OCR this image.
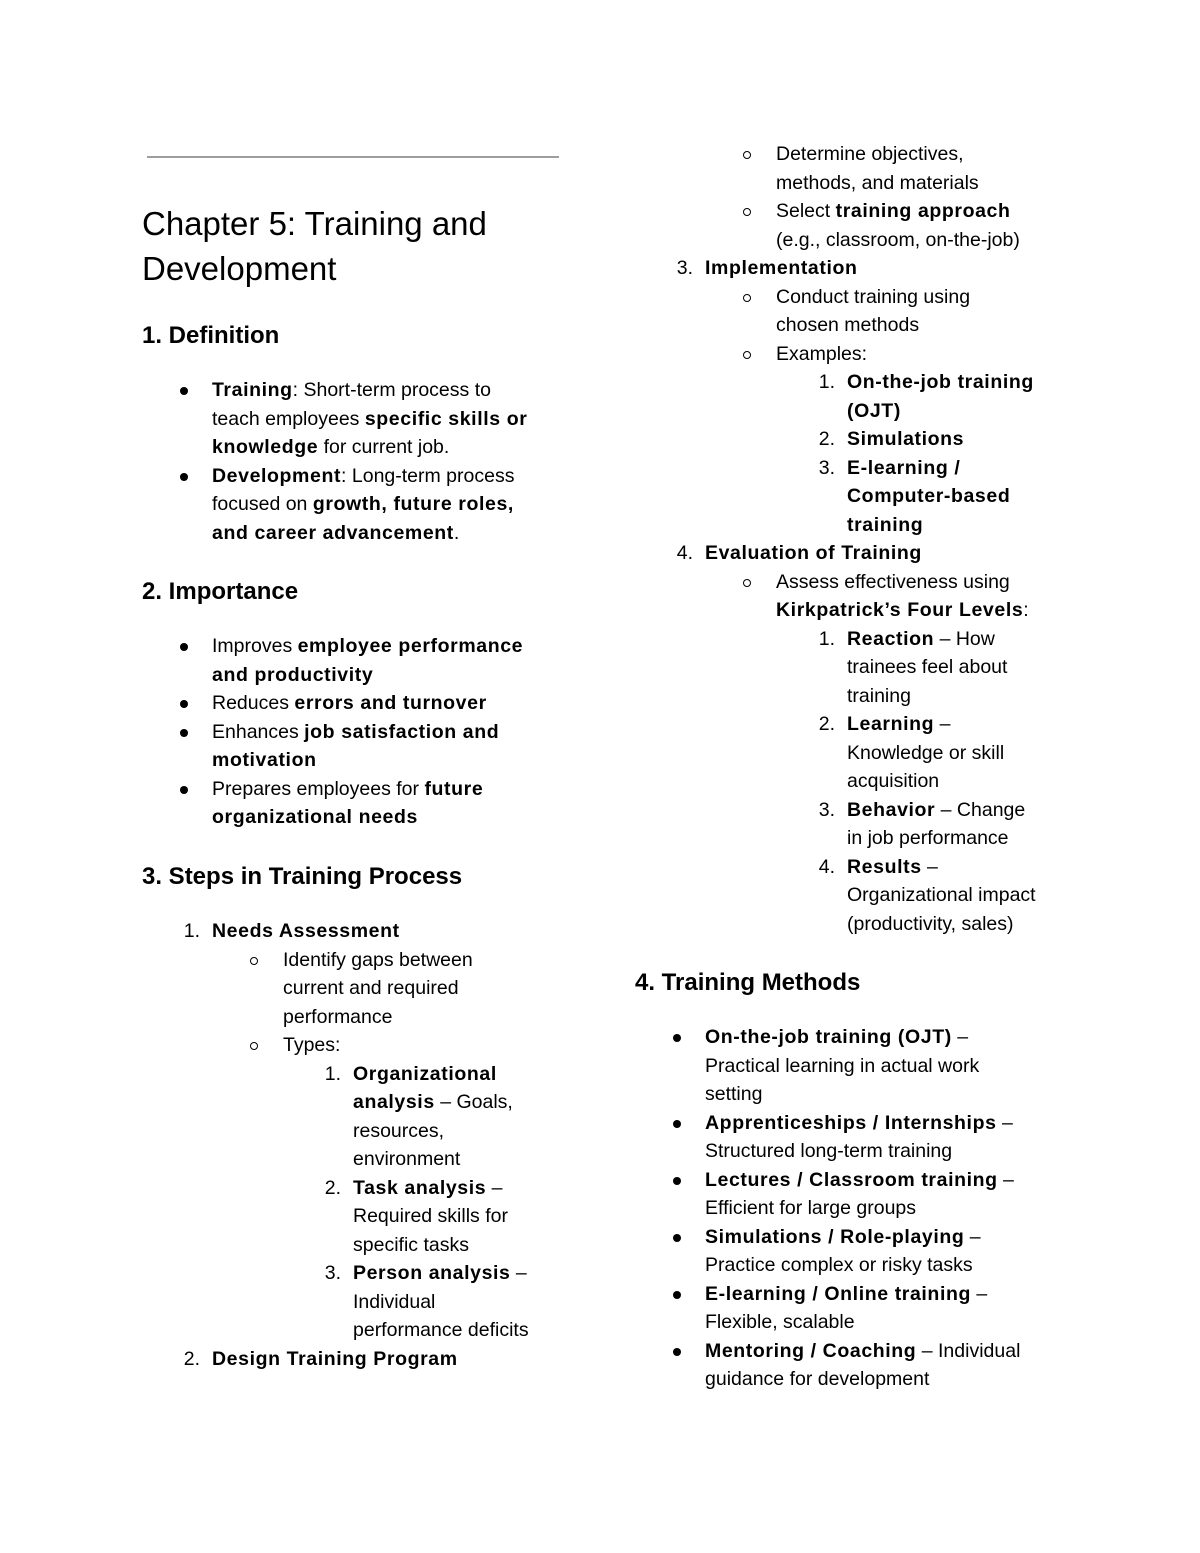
Chapter 5: Training and
Development
1. Definition
Training: Short-term process to
teach employees specific skills or
knowledge for current job.
Development: Long-term process
focused on growth, future roles,
and career advancement.
2. Importance
Improves employee performance
and productivity
Reduces errors and turnover
Enhances job satisfaction and
motivation
Prepares employees for future
organizational needs
3. Steps in Training Process
1. Needs Assessment
Identify gaps between
current and required
performance
Types:
1. Organizational
analysis – Goals,
resources,
environment
2. Task analysis –
Required skills for
specific tasks
3. Person analysis –
Individual
performance deficits
2. Design Training Program
Determine objectives,
methods, and materials
Select training approach
(e.g., classroom, on-the-job)
3. Implementation
Conduct training using
chosen methods
Examples:
1. On-the-job training
(OJT)
2. Simulations
3. E-learning /
Computer-based
training
4. Evaluation of Training
Assess effectiveness using
Kirkpatrick’s Four Levels:
1. Reaction – How
trainees feel about
training
2. Learning –
Knowledge or skill
acquisition
3. Behavior – Change
in job performance
4. Results –
Organizational impact
(productivity, sales)
4. Training Methods
On-the-job training (OJT) –
Practical learning in actual work
setting
Apprenticeships / Internships –
Structured long-term training
Lectures / Classroom training –
Efficient for large groups
Simulations / Role-playing –
Practice complex or risky tasks
E-learning / Online training –
Flexible, scalable
Mentoring / Coaching – Individual
guidance for development
